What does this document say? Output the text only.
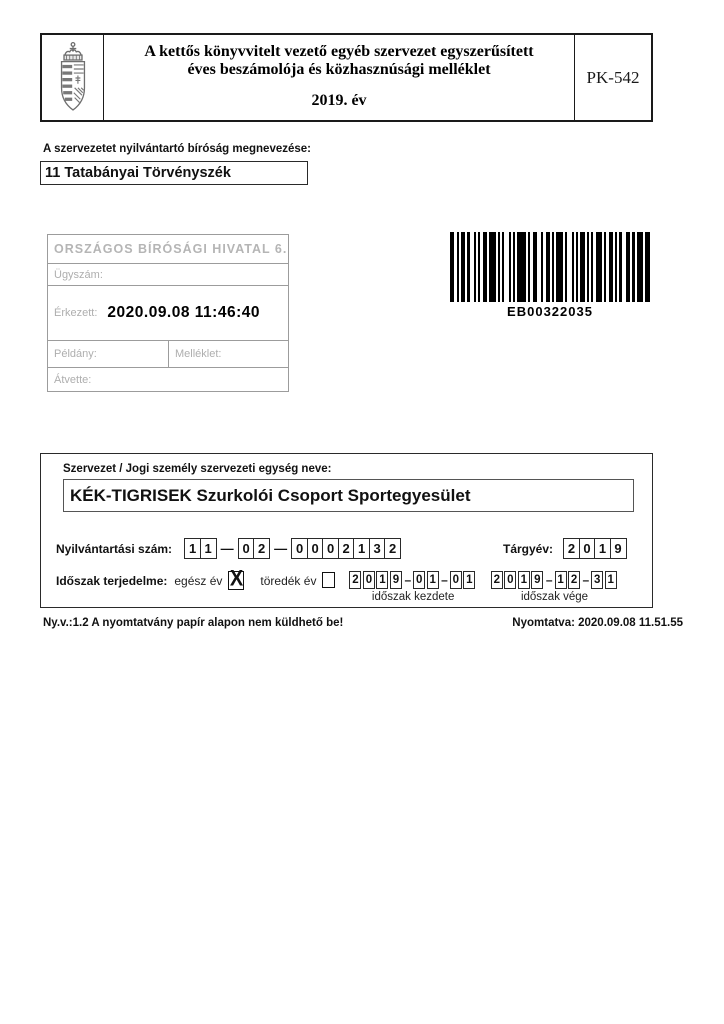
A kettős könyvvitelt vezető egyéb szervezet egyszerűsített
éves beszámolója és közhasznúsági melléklet
2019. év
PK-542
A szervezetet nyilvántartó bíróság megnevezése:
11 Tatabányai Törvényszék
ORSZÁGOS BÍRÓSÁGI HIVATAL 6.
Ügyszám:
Érkezett: 2020.09.08 11:46:40
Példány:	Melléklet:
Átvette:
EB00322035
Szervezet / Jogi személy szervezeti egység neve:
KÉK-TIGRISEK Szurkolói Csoport Sportegyesület
Nyilvántartási szám:	1 1 — 0 2 — 0 0 0 2 1 3 2	Tárgyév:	2 0 1 9
Időszak terjedelme: egész év X töredék év	2 0 1 9 – 0 1 – 0 1
időszak kezdete
2 0 1 9 – 1 2 – 3 1
időszak vége
Ny.v.:1.2 A nyomtatvány papír alapon nem küldhető be!	Nyomtatva: 2020.09.08 11.51.55
